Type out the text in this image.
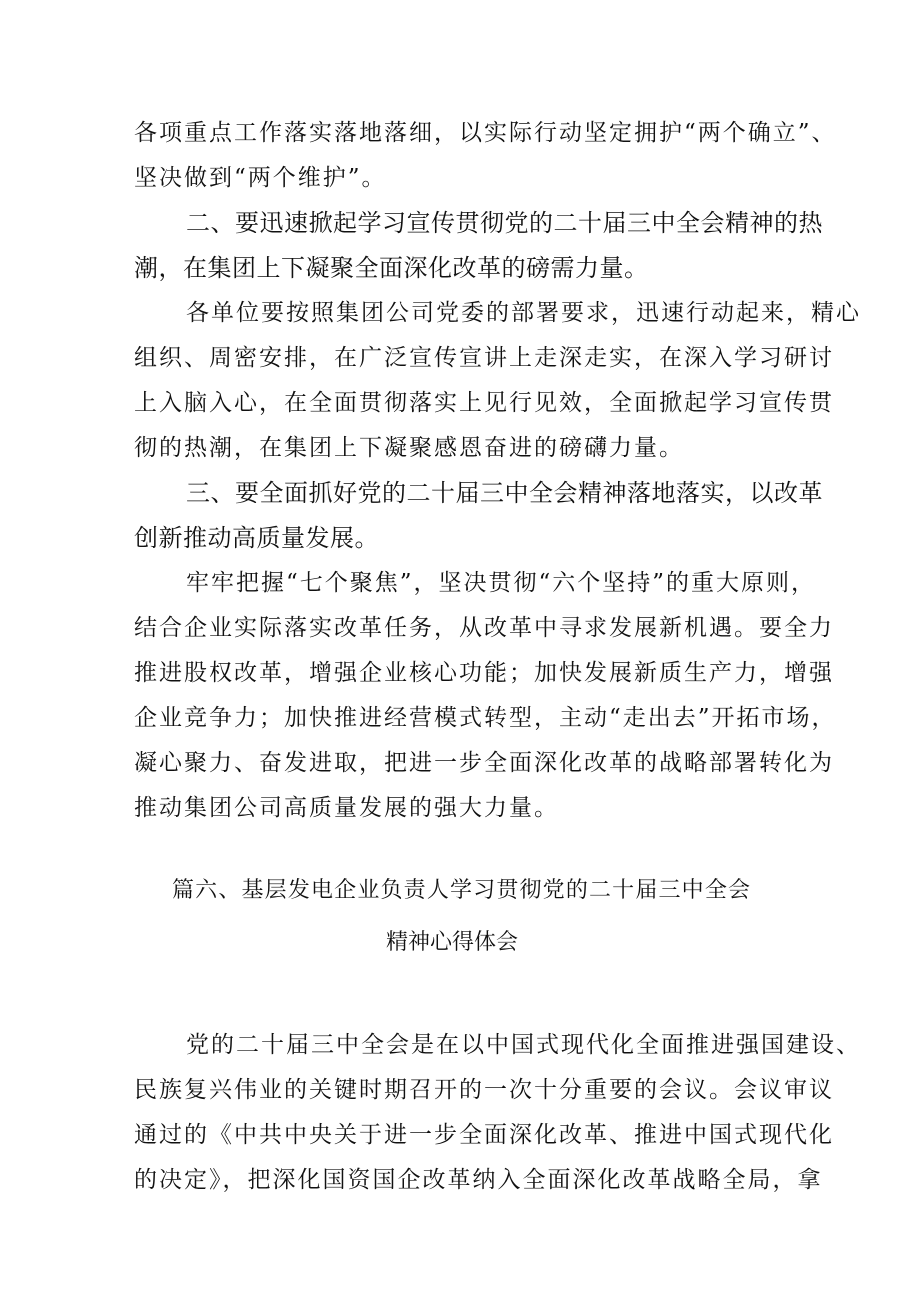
各项重点工作落实落地落细，以实际行动坚定拥护“两个确立”、
坚决做到“两个维护”。
二、要迅速掀起学习宣传贯彻党的二十届三中全会精神的热
潮，在集团上下凝聚全面深化改革的磅需力量。
各单位要按照集团公司党委的部署要求，迅速行动起来，精心
组织、周密安排，在广泛宣传宣讲上走深走实，在深入学习研讨
上入脑入心，在全面贯彻落实上见行见效，全面掀起学习宣传贯
彻的热潮，在集团上下凝聚感恩奋进的磅礴力量。
三、要全面抓好党的二十届三中全会精神落地落实，以改革
创新推动高质量发展。
牢牢把握“七个聚焦”，坚决贯彻“六个坚持”的重大原则，
结合企业实际落实改革任务，从改革中寻求发展新机遇。要全力
推进股权改革，增强企业核心功能；加快发展新质生产力，增强
企业竞争力；加快推进经营模式转型，主动“走出去”开拓市场，
凝心聚力、奋发进取，把进一步全面深化改革的战略部署转化为
推动集团公司高质量发展的强大力量。
篇六、基层发电企业负责人学习贯彻党的二十届三中全会
精神心得体会
党的二十届三中全会是在以中国式现代化全面推进强国建设、
民族复兴伟业的关键时期召开的一次十分重要的会议。会议审议
通过的《中共中央关于进一步全面深化改革、推进中国式现代化
的决定》，把深化国资国企改革纳入全面深化改革战略全局，拿
